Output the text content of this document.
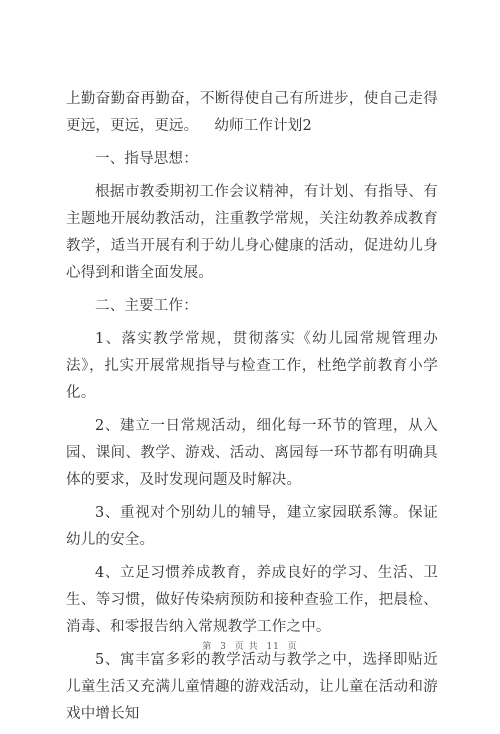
上勤奋勤奋再勤奋，不断得使自己有所进步，使自己走得更远，更远，更远。 幼师工作计划2

一、指导思想：

根据市教委期初工作会议精神，有计划、有指导、有主题地开展幼教活动，注重教学常规，关注幼教养成教育教学，适当开展有利于幼儿身心健康的活动，促进幼儿身心得到和谐全面发展。

二、主要工作：

1、落实教学常规，贯彻落实《幼儿园常规管理办法》，扎实开展常规指导与检查工作，杜绝学前教育小学化。

2、建立一日常规活动，细化每一环节的管理，从入园、课间、教学、游戏、活动、离园每一环节都有明确具体的要求，及时发现问题及时解决。

3、重视对个别幼儿的辅导，建立家园联系簿。保证幼儿的安全。

4、立足习惯养成教育，养成良好的学习、生活、卫生、等习惯，做好传染病预防和接种查验工作，把晨检、消毒、和零报告纳入常规教学工作之中。

5、寓丰富多彩的教学活动与教学之中，选择即贴近儿童生活又充满儿童情趣的游戏活动，让儿童在活动和游戏中增长知

第 3 页 共 11 页
